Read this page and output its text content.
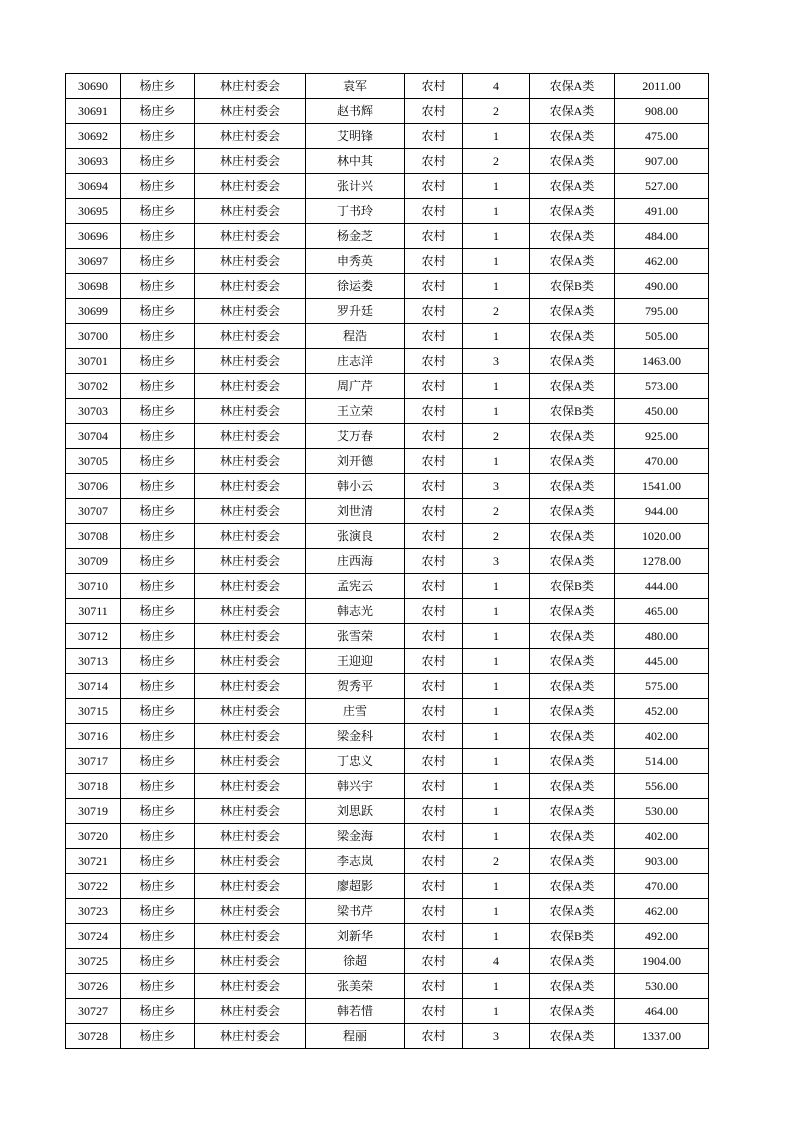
30690	杨庄乡	林庄村委会	袁军	农村	4	农保A类	2011.00
30691	杨庄乡	林庄村委会	赵书辉	农村	2	农保A类	908.00
30692	杨庄乡	林庄村委会	艾明锋	农村	1	农保A类	475.00
30693	杨庄乡	林庄村委会	林中其	农村	2	农保A类	907.00
30694	杨庄乡	林庄村委会	张计兴	农村	1	农保A类	527.00
30695	杨庄乡	林庄村委会	丁书玲	农村	1	农保A类	491.00
30696	杨庄乡	林庄村委会	杨金芝	农村	1	农保A类	484.00
30697	杨庄乡	林庄村委会	申秀英	农村	1	农保A类	462.00
30698	杨庄乡	林庄村委会	徐运娄	农村	1	农保B类	490.00
30699	杨庄乡	林庄村委会	罗升廷	农村	2	农保A类	795.00
30700	杨庄乡	林庄村委会	程浩	农村	1	农保A类	505.00
30701	杨庄乡	林庄村委会	庄志洋	农村	3	农保A类	1463.00
30702	杨庄乡	林庄村委会	周广芹	农村	1	农保A类	573.00
30703	杨庄乡	林庄村委会	王立荣	农村	1	农保B类	450.00
30704	杨庄乡	林庄村委会	艾万春	农村	2	农保A类	925.00
30705	杨庄乡	林庄村委会	刘开德	农村	1	农保A类	470.00
30706	杨庄乡	林庄村委会	韩小云	农村	3	农保A类	1541.00
30707	杨庄乡	林庄村委会	刘世清	农村	2	农保A类	944.00
30708	杨庄乡	林庄村委会	张演良	农村	2	农保A类	1020.00
30709	杨庄乡	林庄村委会	庄西海	农村	3	农保A类	1278.00
30710	杨庄乡	林庄村委会	孟宪云	农村	1	农保B类	444.00
30711	杨庄乡	林庄村委会	韩志光	农村	1	农保A类	465.00
30712	杨庄乡	林庄村委会	张雪荣	农村	1	农保A类	480.00
30713	杨庄乡	林庄村委会	王迎迎	农村	1	农保A类	445.00
30714	杨庄乡	林庄村委会	贺秀平	农村	1	农保A类	575.00
30715	杨庄乡	林庄村委会	庄雪	农村	1	农保A类	452.00
30716	杨庄乡	林庄村委会	梁金科	农村	1	农保A类	402.00
30717	杨庄乡	林庄村委会	丁忠义	农村	1	农保A类	514.00
30718	杨庄乡	林庄村委会	韩兴宇	农村	1	农保A类	556.00
30719	杨庄乡	林庄村委会	刘思跃	农村	1	农保A类	530.00
30720	杨庄乡	林庄村委会	梁金海	农村	1	农保A类	402.00
30721	杨庄乡	林庄村委会	李志岚	农村	2	农保A类	903.00
30722	杨庄乡	林庄村委会	廖超影	农村	1	农保A类	470.00
30723	杨庄乡	林庄村委会	梁书芹	农村	1	农保A类	462.00
30724	杨庄乡	林庄村委会	刘新华	农村	1	农保B类	492.00
30725	杨庄乡	林庄村委会	徐超	农村	4	农保A类	1904.00
30726	杨庄乡	林庄村委会	张美荣	农村	1	农保A类	530.00
30727	杨庄乡	林庄村委会	韩若惜	农村	1	农保A类	464.00
30728	杨庄乡	林庄村委会	程丽	农村	3	农保A类	1337.00
